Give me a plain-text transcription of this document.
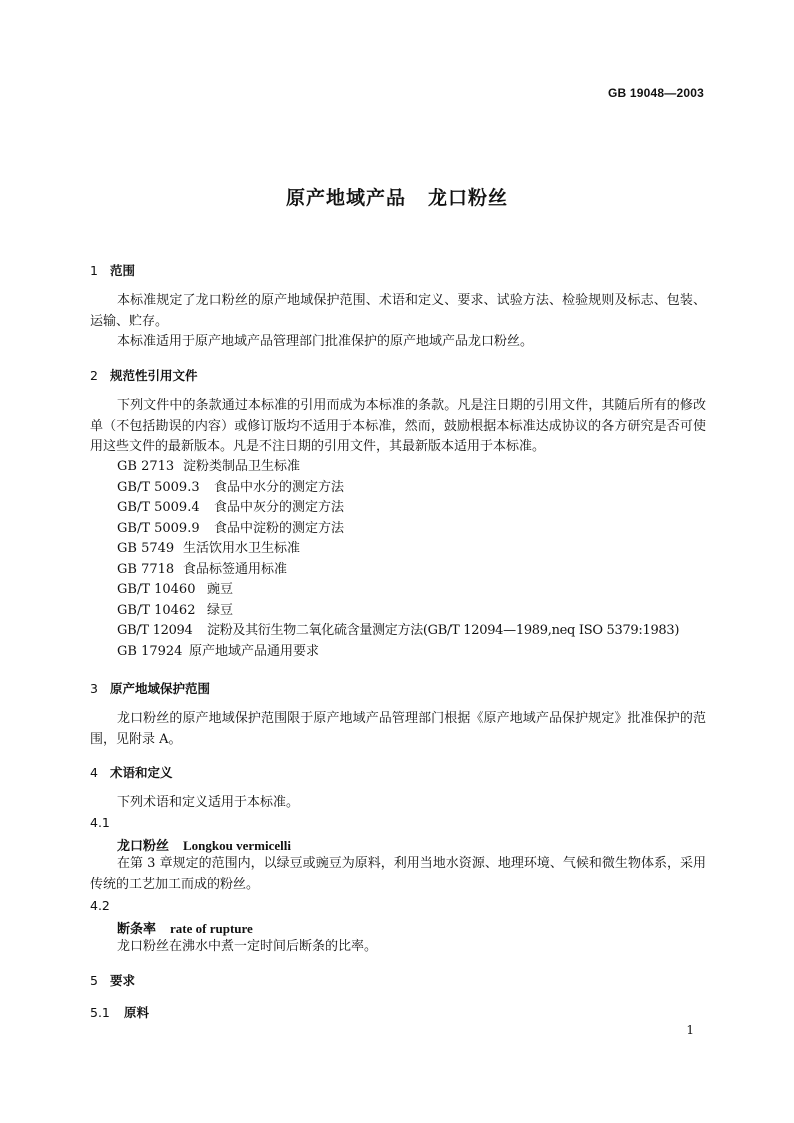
GB 19048—2003
原产地域产品 龙口粉丝
1 范围
本标准规定了龙口粉丝的原产地域保护范围、术语和定义、要求、试验方法、检验规则及标志、包装、运输、贮存。
本标准适用于原产地域产品管理部门批准保护的原产地域产品龙口粉丝。
2 规范性引用文件
下列文件中的条款通过本标准的引用而成为本标准的条款。凡是注日期的引用文件，其随后所有的修改单（不包括勘误的内容）或修订版均不适用于本标准，然而，鼓励根据本标准达成协议的各方研究是否可使用这些文件的最新版本。凡是不注日期的引用文件，其最新版本适用于本标准。
GB 2713 淀粉类制品卫生标准
GB/T 5009.3 食品中水分的测定方法
GB/T 5009.4 食品中灰分的测定方法
GB/T 5009.9 食品中淀粉的测定方法
GB 5749 生活饮用水卫生标准
GB 7718 食品标签通用标准
GB/T 10460 豌豆
GB/T 10462 绿豆
GB/T 12094 淀粉及其衍生物二氧化硫含量测定方法(GB/T 12094—1989,neq ISO 5379:1983)
GB 17924 原产地域产品通用要求
3 原产地域保护范围
龙口粉丝的原产地域保护范围限于原产地域产品管理部门根据《原产地域产品保护规定》批准保护的范围，见附录 A。
4 术语和定义
下列术语和定义适用于本标准。
4.1
龙口粉丝 Longkou vermicelli
在第 3 章规定的范围内，以绿豆或豌豆为原料，利用当地水资源、地理环境、气候和微生物体系，采用传统的工艺加工而成的粉丝。
4.2
断条率 rate of rupture
龙口粉丝在沸水中煮一定时间后断条的比率。
5 要求
5.1 原料
1
